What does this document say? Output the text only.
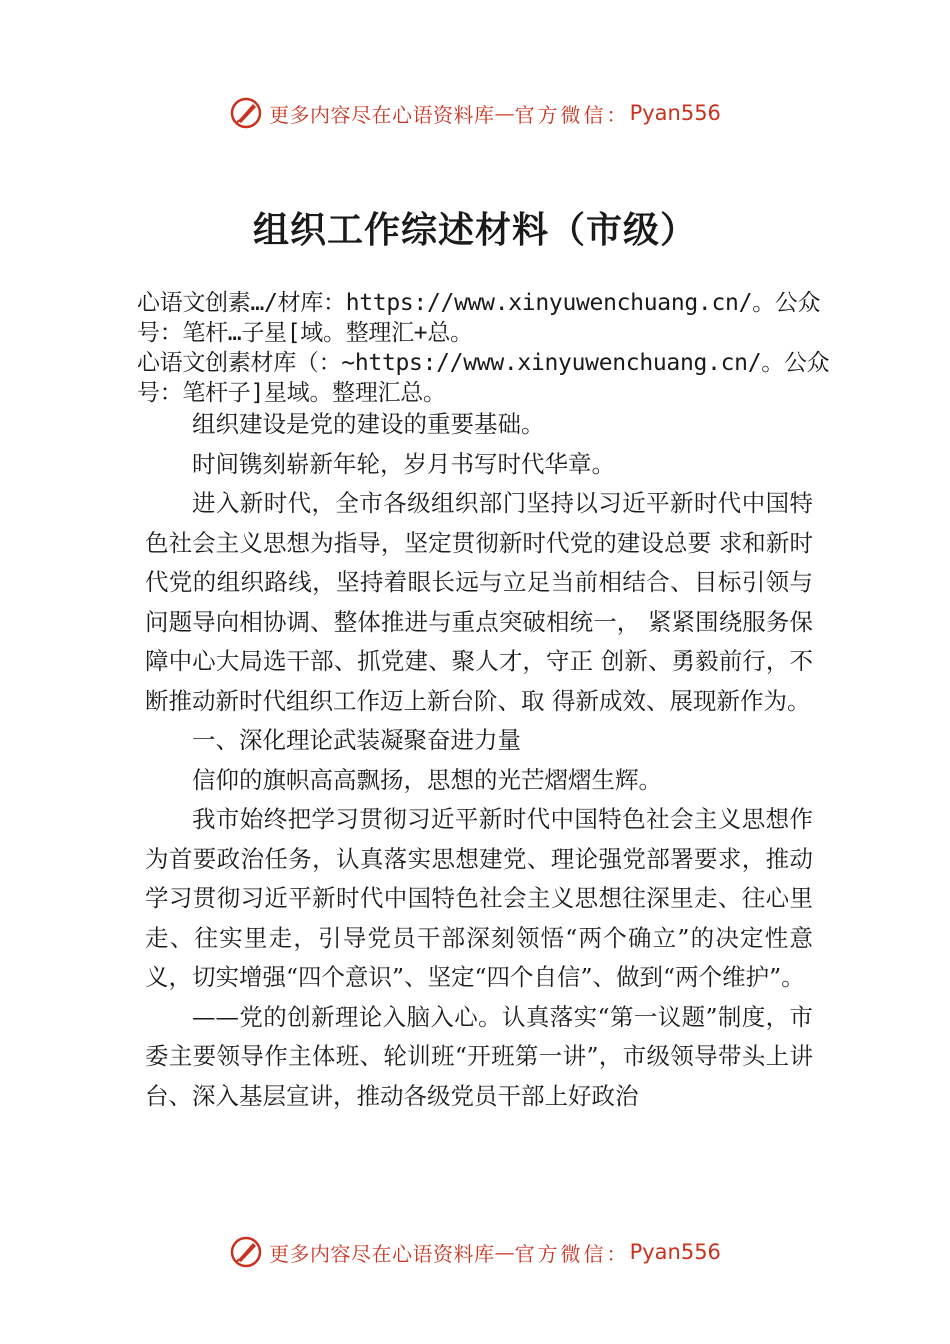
更多内容尽在心语资料库 — 官方微信： Pyan556
组织工作综述材料（市级）
心语文创素…/材库：https://www.xinyuwenchuang.cn/。公众号：笔杆…子星[域。整理汇+总。
心语文创素材库（：~https://www.xinyuwenchuang.cn/。公众号：笔杆子]星域。整理汇总。

组织建设是党的建设的重要基础。

时间镌刻崭新年轮，岁月书写时代华章。

进入新时代，全市各级组织部门坚持以习近平新时代中国特色社会主义思想为指导，坚定贯彻新时代党的建设总要 求和新时代党的组织路线，坚持着眼长远与立足当前相结合、目标引领与问题导向相协调、整体推进与重点突破相统一， 紧紧围绕服务保障中心大局选干部、抓党建、聚人才，守正 创新、勇毅前行，不断推动新时代组织工作迈上新台阶、取 得新成效、展现新作为。

一、深化理论武装凝聚奋进力量

信仰的旗帜高高飘扬，思想的光芒熠熠生辉。

我市始终把学习贯彻习近平新时代中国特色社会主义思想作为首要政治任务，认真落实思想建党、理论强党部署要求，推动学习贯彻习近平新时代中国特色社会主义思想往深里走、往心里走、往实里走，引导党员干部深刻领悟“两个确立”的决定性意义，切实增强“四个意识”、坚定“四个自信”、做到“两个维护”。

——党的创新理论入脑入心。认真落实“第一议题”制度，市委主要领导作主体班、轮训班“开班第一讲”，市级领导带头上讲台、深入基层宣讲，推动各级党员干部上好政治

更多内容尽在心语资料库 — 官方微信： Pyan556
